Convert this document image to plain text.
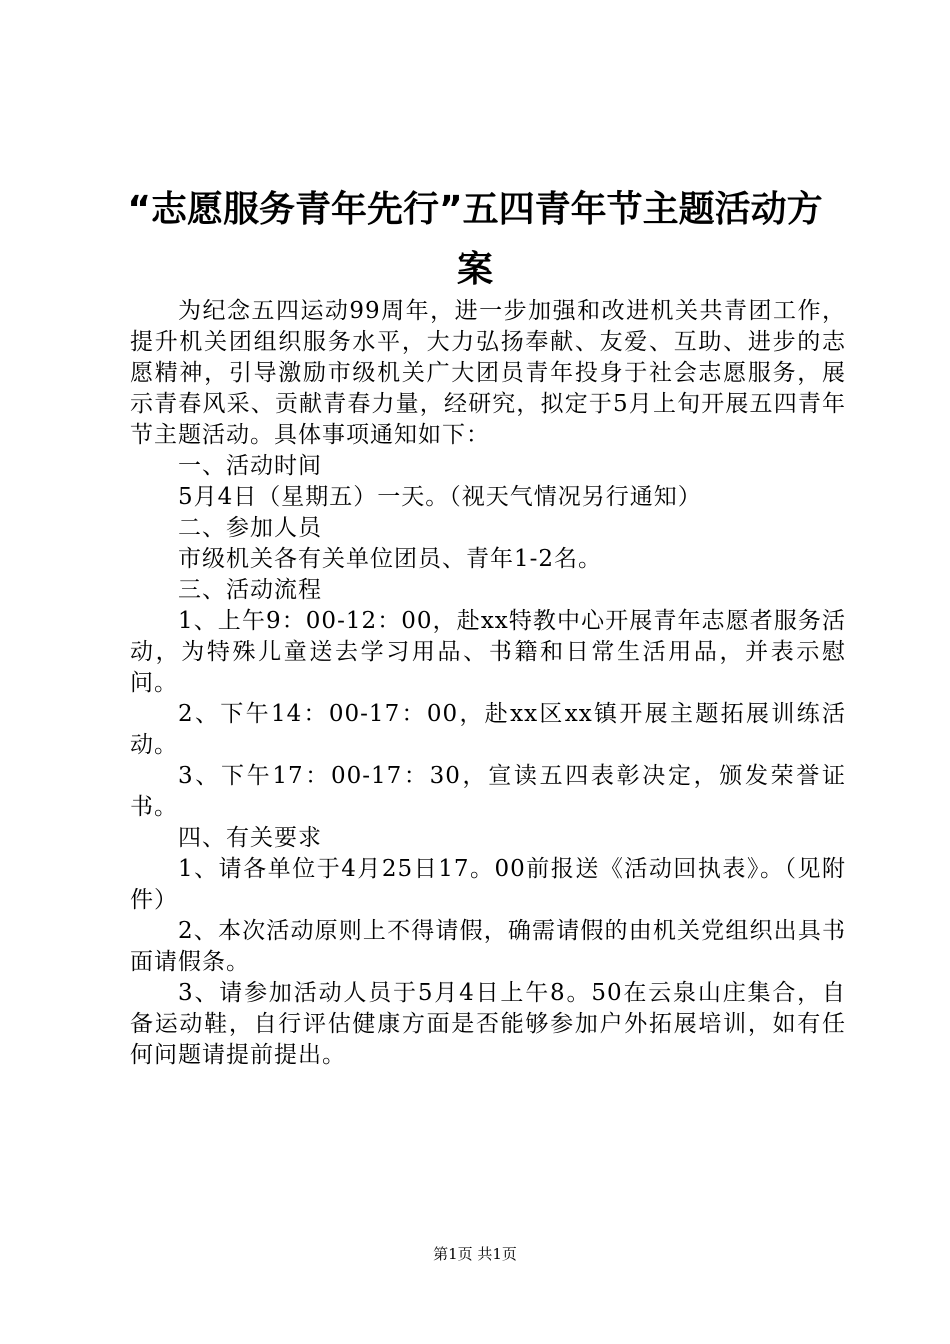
“志愿服务青年先行”五四青年节主题活动方案

为纪念五四运动99周年，进一步加强和改进机关共青团工作，提升机关团组织服务水平，大力弘扬奉献、友爱、互助、进步的志愿精神，引导激励市级机关广大团员青年投身于社会志愿服务，展示青春风采、贡献青春力量，经研究，拟定于5月上旬开展五四青年节主题活动。具体事项通知如下：

一、活动时间

5月4日（星期五）一天。（视天气情况另行通知）

二、参加人员

市级机关各有关单位团员、青年1-2名。

三、活动流程

1、上午9：00-12：00，赴xx特教中心开展青年志愿者服务活动，为特殊儿童送去学习用品、书籍和日常生活用品，并表示慰问。

2、下午14：00-17：00，赴xx区xx镇开展主题拓展训练活动。

3、下午17：00-17：30，宣读五四表彰决定，颁发荣誉证书。

四、有关要求

1、请各单位于4月25日17。00前报送《活动回执表》。（见附件）

2、本次活动原则上不得请假，确需请假的由机关党组织出具书面请假条。

3、请参加活动人员于5月4日上午8。50在云泉山庄集合，自备运动鞋，自行评估健康方面是否能够参加户外拓展培训，如有任何问题请提前提出。

第1页 共1页
